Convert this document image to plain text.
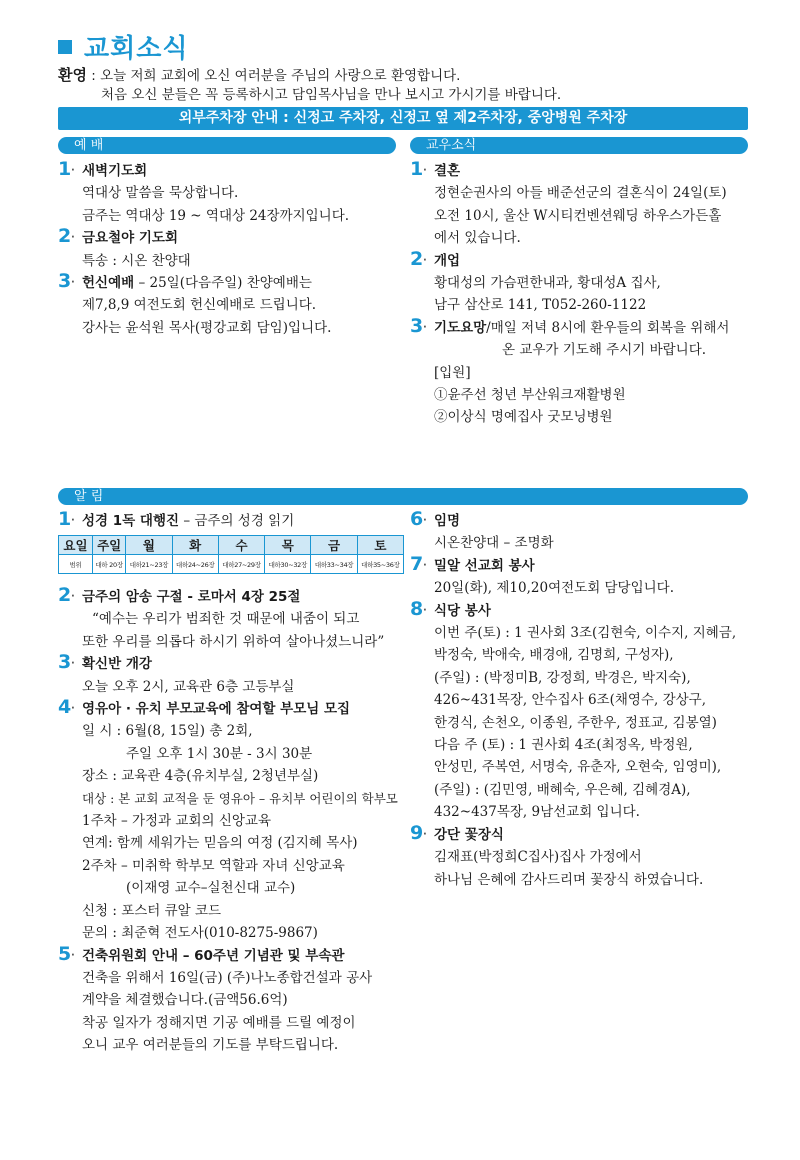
교회소식
환영 : 오늘 저희 교회에 오신 여러분을 주님의 사랑으로 환영합니다.
처음 오신 분들은 꼭 등록하시고 담임목사님을 만나 보시고 가시기를 바랍니다.
외부주차장 안내 : 신정고 주차장, 신정고 옆 제2주차장, 중앙병원 주차장
예 배
1 · 새벽기도회
역대상 말씀을 묵상합니다.
금주는 역대상 19 ~ 역대상 24장까지입니다.
2 · 금요철야 기도회
특송 : 시온 찬양대
3 · 헌신예배 – 25일(다음주일) 찬양예배는
제7,8,9 여전도회 헌신예배로 드립니다.
강사는 윤석원 목사(평강교회 담임)입니다.
교우소식
1 · 결혼
정현순권사의 아들 배준선군의 결혼식이 24일(토)
오전 10시, 울산 W시티컨벤션웨딩 하우스가든홀
에서 있습니다.
2 · 개업
황대성의 가슴편한내과, 황대성A 집사,
남구 삼산로 141, T052-260-1122
3 · 기도요망/매일 저녁 8시에 환우들의 회복을 위해서
온 교우가 기도해 주시기 바랍니다.
[입원]
①윤주선 청년 부산워크재활병원
②이상식 명예집사 굿모닝병원
알 림
1 · 성경 1독 대행진 – 금주의 성경 읽기
요일	주일	월	화	수	목	금	토
범위	대하 20장	대하21~23장	대하24~26장	대하27~29장	대하30~32장	대하33~34장	대하35~36장
2 · 금주의 암송 구절 - 로마서 4장 25절
“예수는 우리가 범죄한 것 때문에 내줌이 되고
또한 우리를 의롭다 하시기 위하여 살아나셨느니라”
3 · 확신반 개강
오늘 오후 2시, 교육관 6층 고등부실
4 · 영유아 · 유치 부모교육에 참여할 부모님 모집
일 시 : 6월(8, 15일) 총 2회,
주일 오후 1시 30분 - 3시 30분
장소 : 교육관 4층(유치부실, 2청년부실)
대상 : 본 교회 교적을 둔 영유아 – 유치부 어린이의 학부모
1주차 – 가정과 교회의 신앙교육
연계: 함께 세워가는 믿음의 여정 (김지혜 목사)
2주차 – 미취학 학부모 역할과 자녀 신앙교육
(이재영 교수–실천신대 교수)
신청 : 포스터 큐알 코드
문의 : 최준혁 전도사(010-8275-9867)
5 · 건축위원회 안내 – 60주년 기념관 및 부속관
건축을 위해서 16일(금) (주)나노종합건설과 공사
계약을 체결했습니다.(금액56.6억)
착공 일자가 정해지면 기공 예배를 드릴 예정이
오니 교우 여러분들의 기도를 부탁드립니다.
6 · 임명
시온찬양대 – 조명화
7 · 밀알 선교회 봉사
20일(화), 제10,20여전도회 담당입니다.
8 · 식당 봉사
이번 주(토) : 1 권사회 3조(김현숙, 이수지, 지혜금,
박정숙, 박애숙, 배경애, 김명희, 구성자),
(주일) : (박정미B, 강정희, 박경은, 박지숙),
426~431목장, 안수집사 6조(채영수, 강상구,
한경식, 손천오, 이종원, 주한우, 정표교, 김봉열)
다음 주 (토) : 1 권사회 4조(최정옥, 박정원,
안성민, 주복연, 서명숙, 유춘자, 오현숙, 임영미),
(주일) : (김민영, 배혜숙, 우은혜, 김혜경A),
432~437목장, 9남선교회 입니다.
9 · 강단 꽃장식
김재표(박정희C집사)집사 가정에서
하나님 은혜에 감사드리며 꽃장식 하였습니다.
